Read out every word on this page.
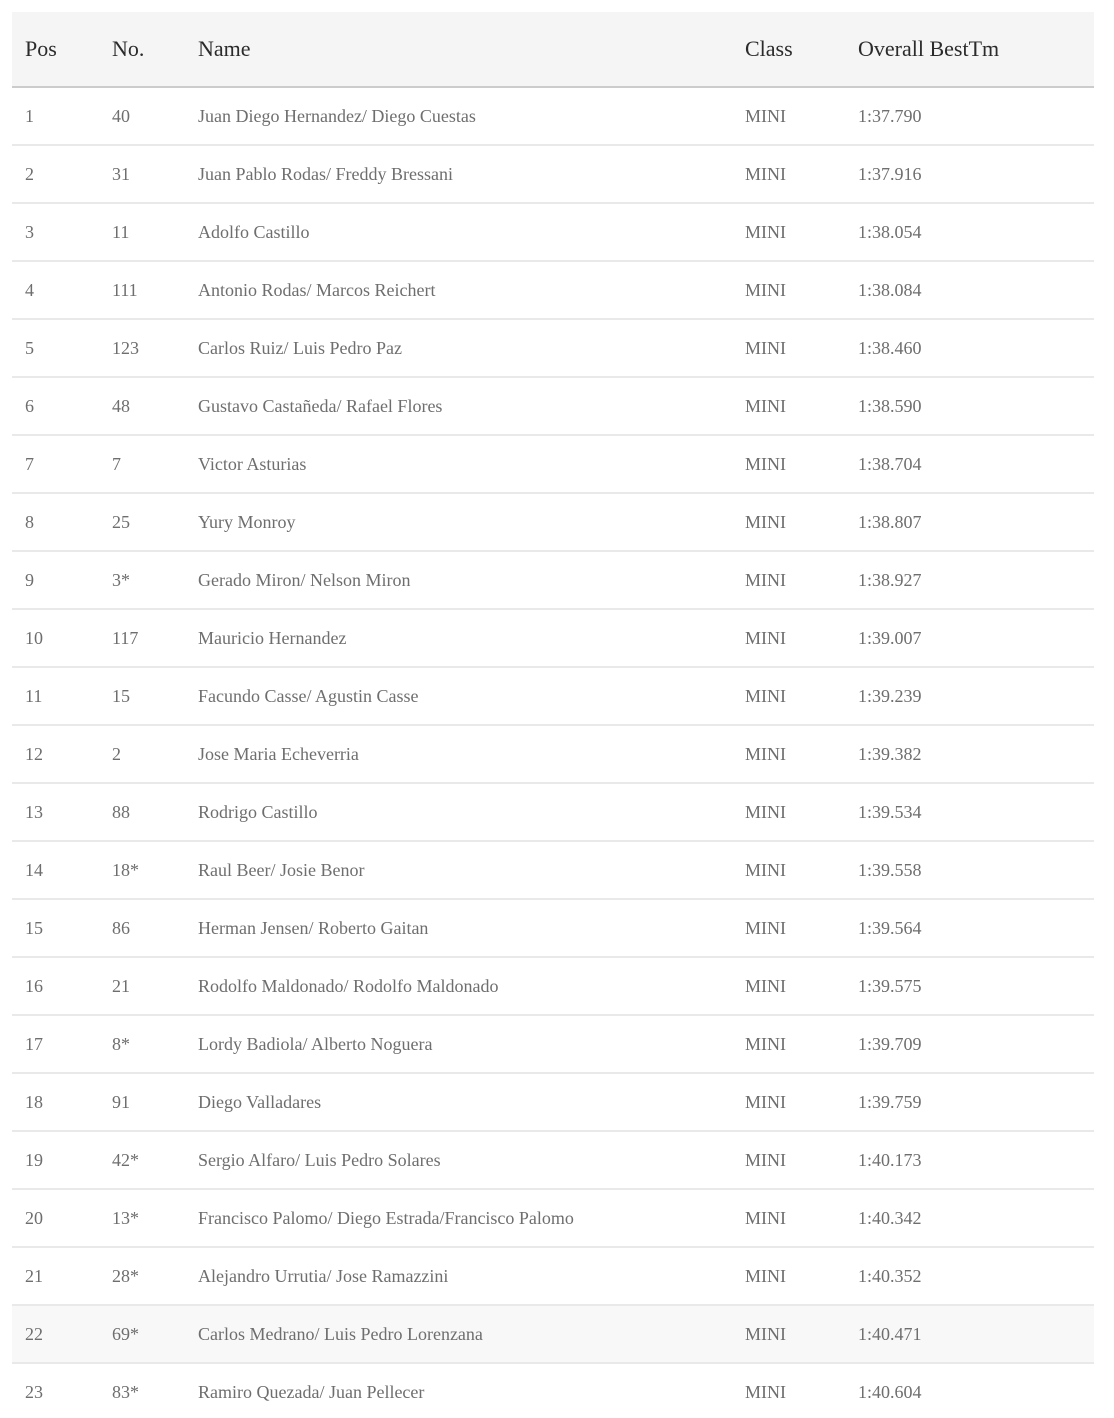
Pos	No.	Name	Class	Overall BestTm
1	40	Juan Diego Hernandez/ Diego Cuestas	MINI	1:37.790
2	31	Juan Pablo Rodas/ Freddy Bressani	MINI	1:37.916
3	11	Adolfo Castillo	MINI	1:38.054
4	111	Antonio Rodas/ Marcos Reichert	MINI	1:38.084
5	123	Carlos Ruiz/ Luis Pedro Paz	MINI	1:38.460
6	48	Gustavo Castañeda/ Rafael Flores	MINI	1:38.590
7	7	Victor Asturias	MINI	1:38.704
8	25	Yury Monroy	MINI	1:38.807
9	3*	Gerado Miron/ Nelson Miron	MINI	1:38.927
10	117	Mauricio Hernandez	MINI	1:39.007
11	15	Facundo Casse/ Agustin Casse	MINI	1:39.239
12	2	Jose Maria Echeverria	MINI	1:39.382
13	88	Rodrigo Castillo	MINI	1:39.534
14	18*	Raul Beer/ Josie Benor	MINI	1:39.558
15	86	Herman Jensen/ Roberto Gaitan	MINI	1:39.564
16	21	Rodolfo Maldonado/ Rodolfo Maldonado	MINI	1:39.575
17	8*	Lordy Badiola/ Alberto Noguera	MINI	1:39.709
18	91	Diego Valladares	MINI	1:39.759
19	42*	Sergio Alfaro/ Luis Pedro Solares	MINI	1:40.173
20	13*	Francisco Palomo/ Diego Estrada/Francisco Palomo	MINI	1:40.342
21	28*	Alejandro Urrutia/ Jose Ramazzini	MINI	1:40.352
22	69*	Carlos Medrano/ Luis Pedro Lorenzana	MINI	1:40.471
23	83*	Ramiro Quezada/ Juan Pellecer	MINI	1:40.604
